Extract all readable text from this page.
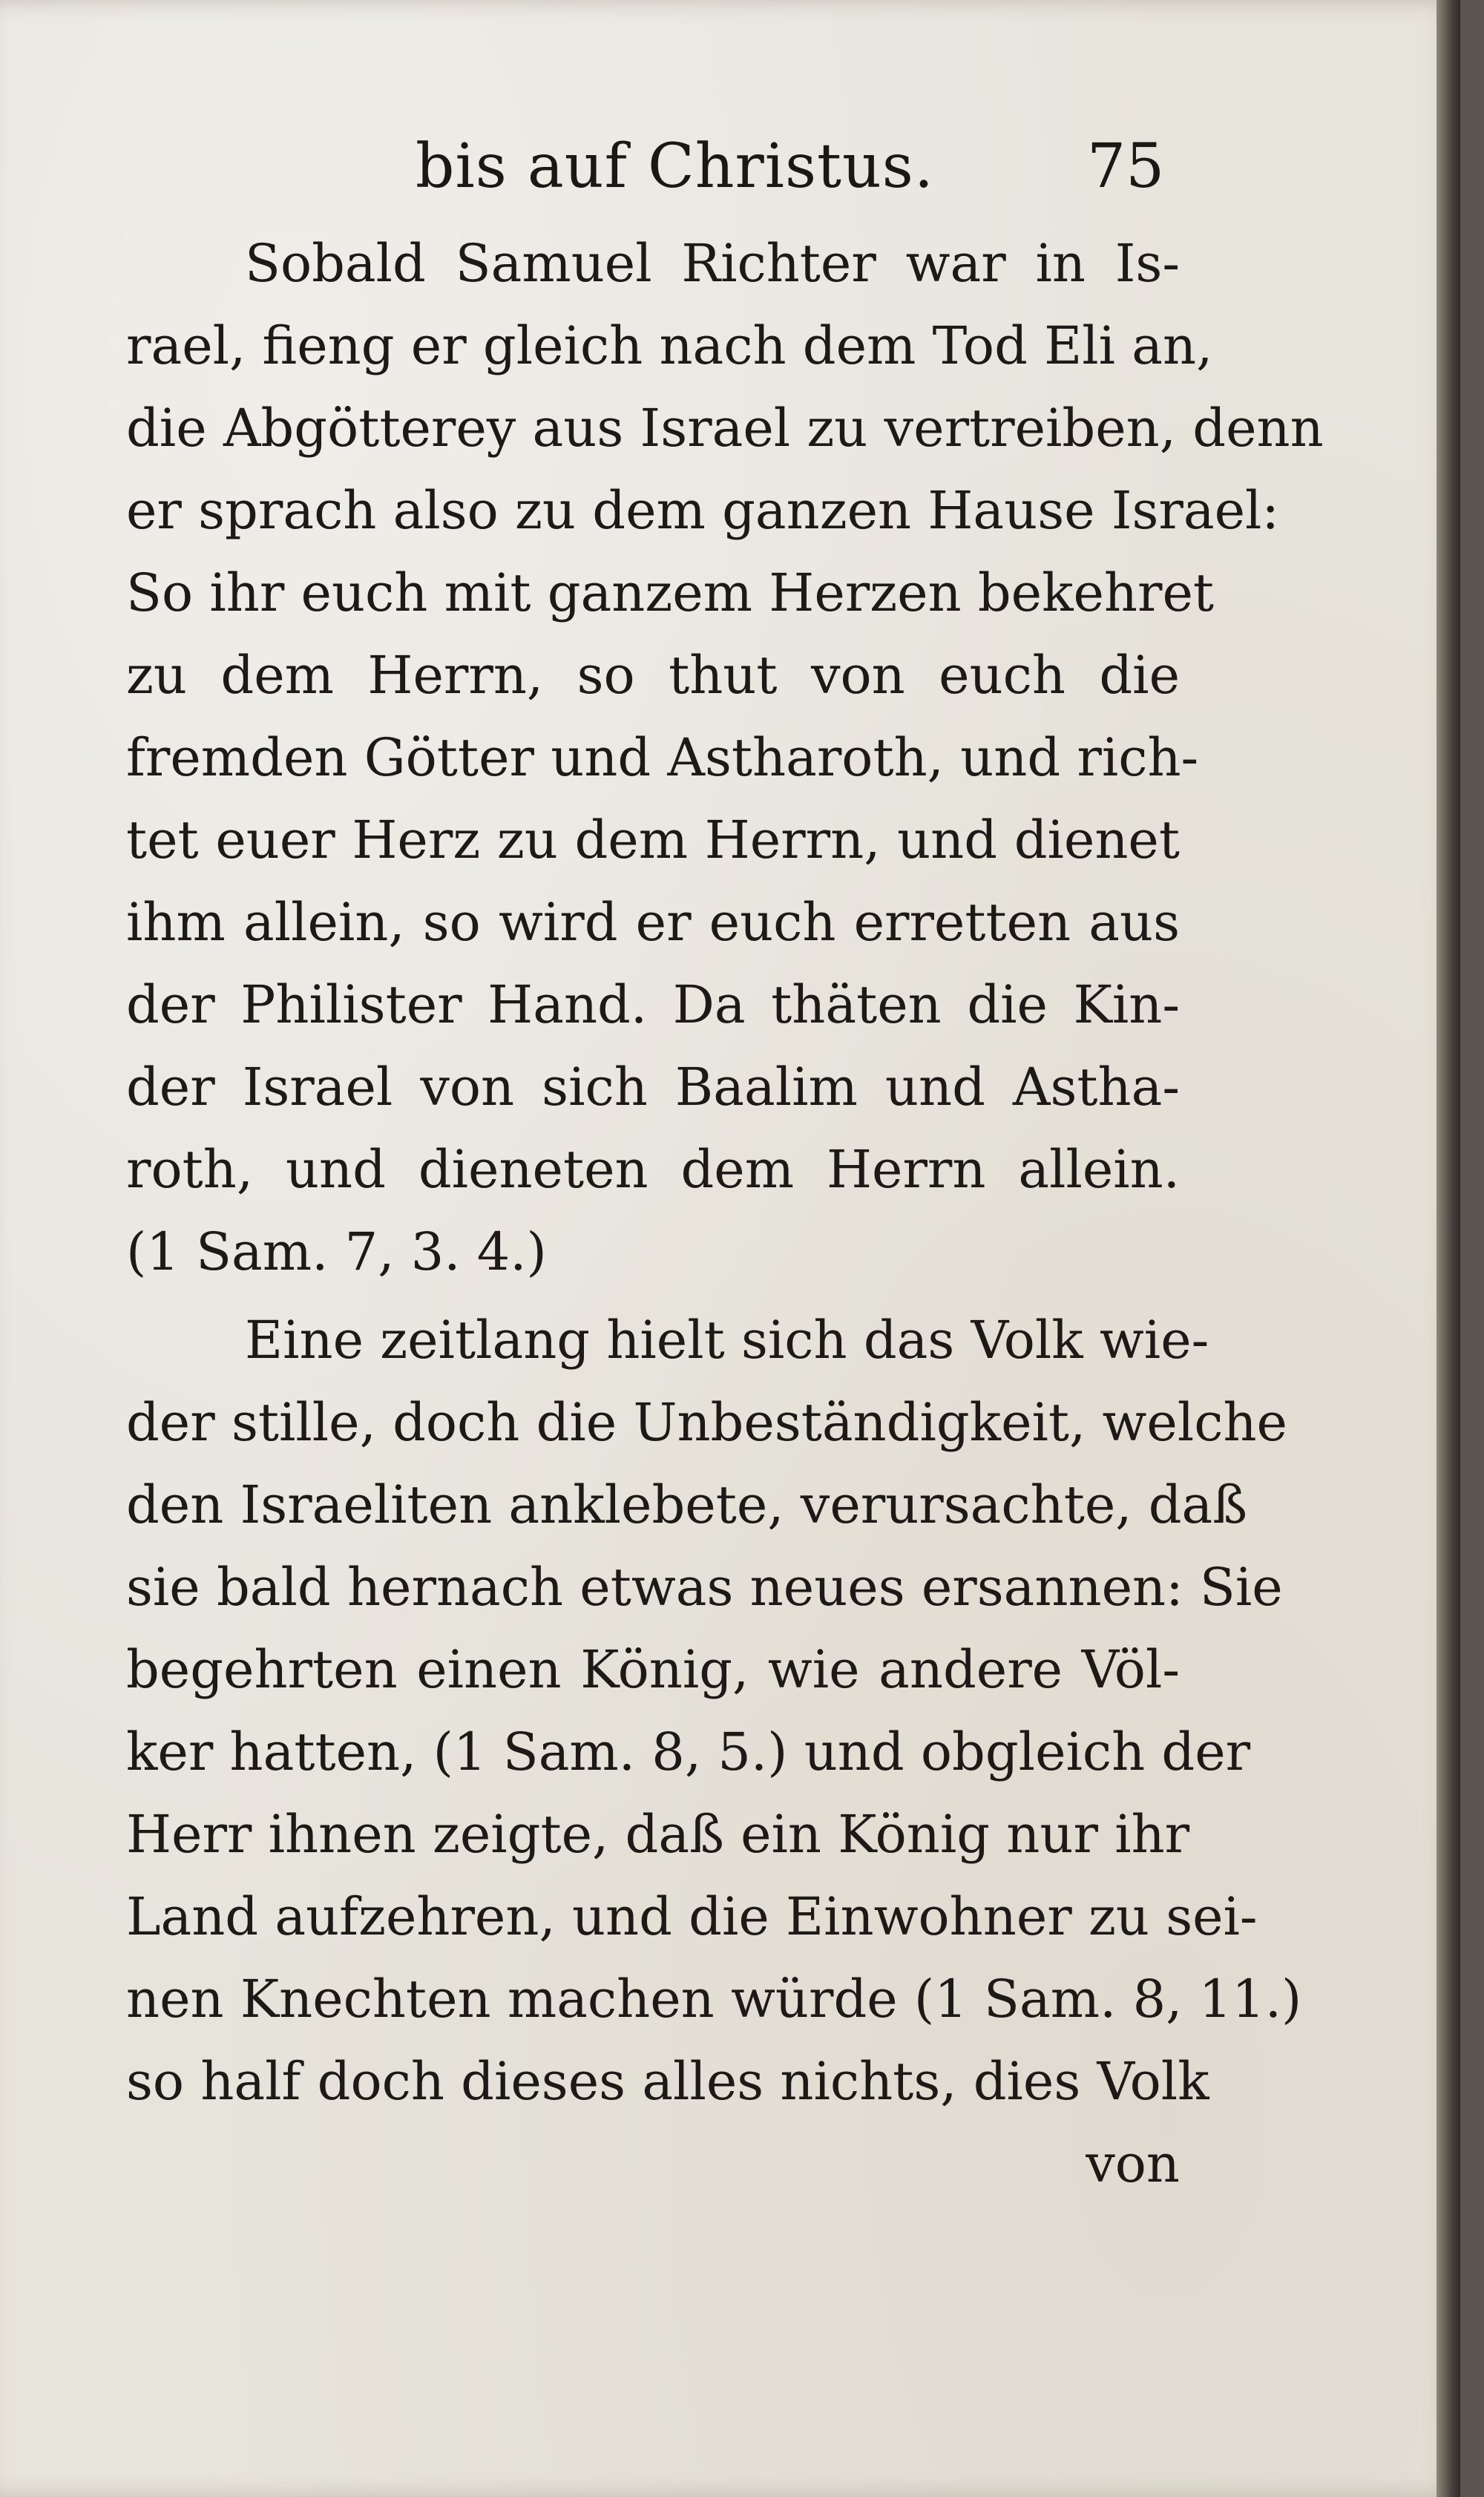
bis auf Christus.	75
Sobald Samuel Richter war in Is-
rael, fieng er gleich nach dem Tod Eli an,
die Abgötterey aus Israel zu vertreiben, denn
er sprach also zu dem ganzen Hause Israel:
So ihr euch mit ganzem Herzen bekehret
zu dem Herrn, so thut von euch die
fremden Götter und Astharoth, und rich-
tet euer Herz zu dem Herrn, und dienet
ihm allein, so wird er euch erretten aus
der Philister Hand. Da thäten die Kin-
der Israel von sich Baalim und Astha-
roth, und dieneten dem Herrn allein.
(1 Sam. 7, 3. 4.)
Eine zeitlang hielt sich das Volk wie-
der stille, doch die Unbeständigkeit, welche
den Israeliten anklebete, verursachte, daß
sie bald hernach etwas neues ersannen: Sie
begehrten einen König, wie andere Völ-
ker hatten, (1 Sam. 8, 5.) und obgleich der
Herr ihnen zeigte, daß ein König nur ihr
Land aufzehren, und die Einwohner zu sei-
nen Knechten machen würde (1 Sam. 8, 11.)
so half doch dieses alles nichts, dies Volk
von
